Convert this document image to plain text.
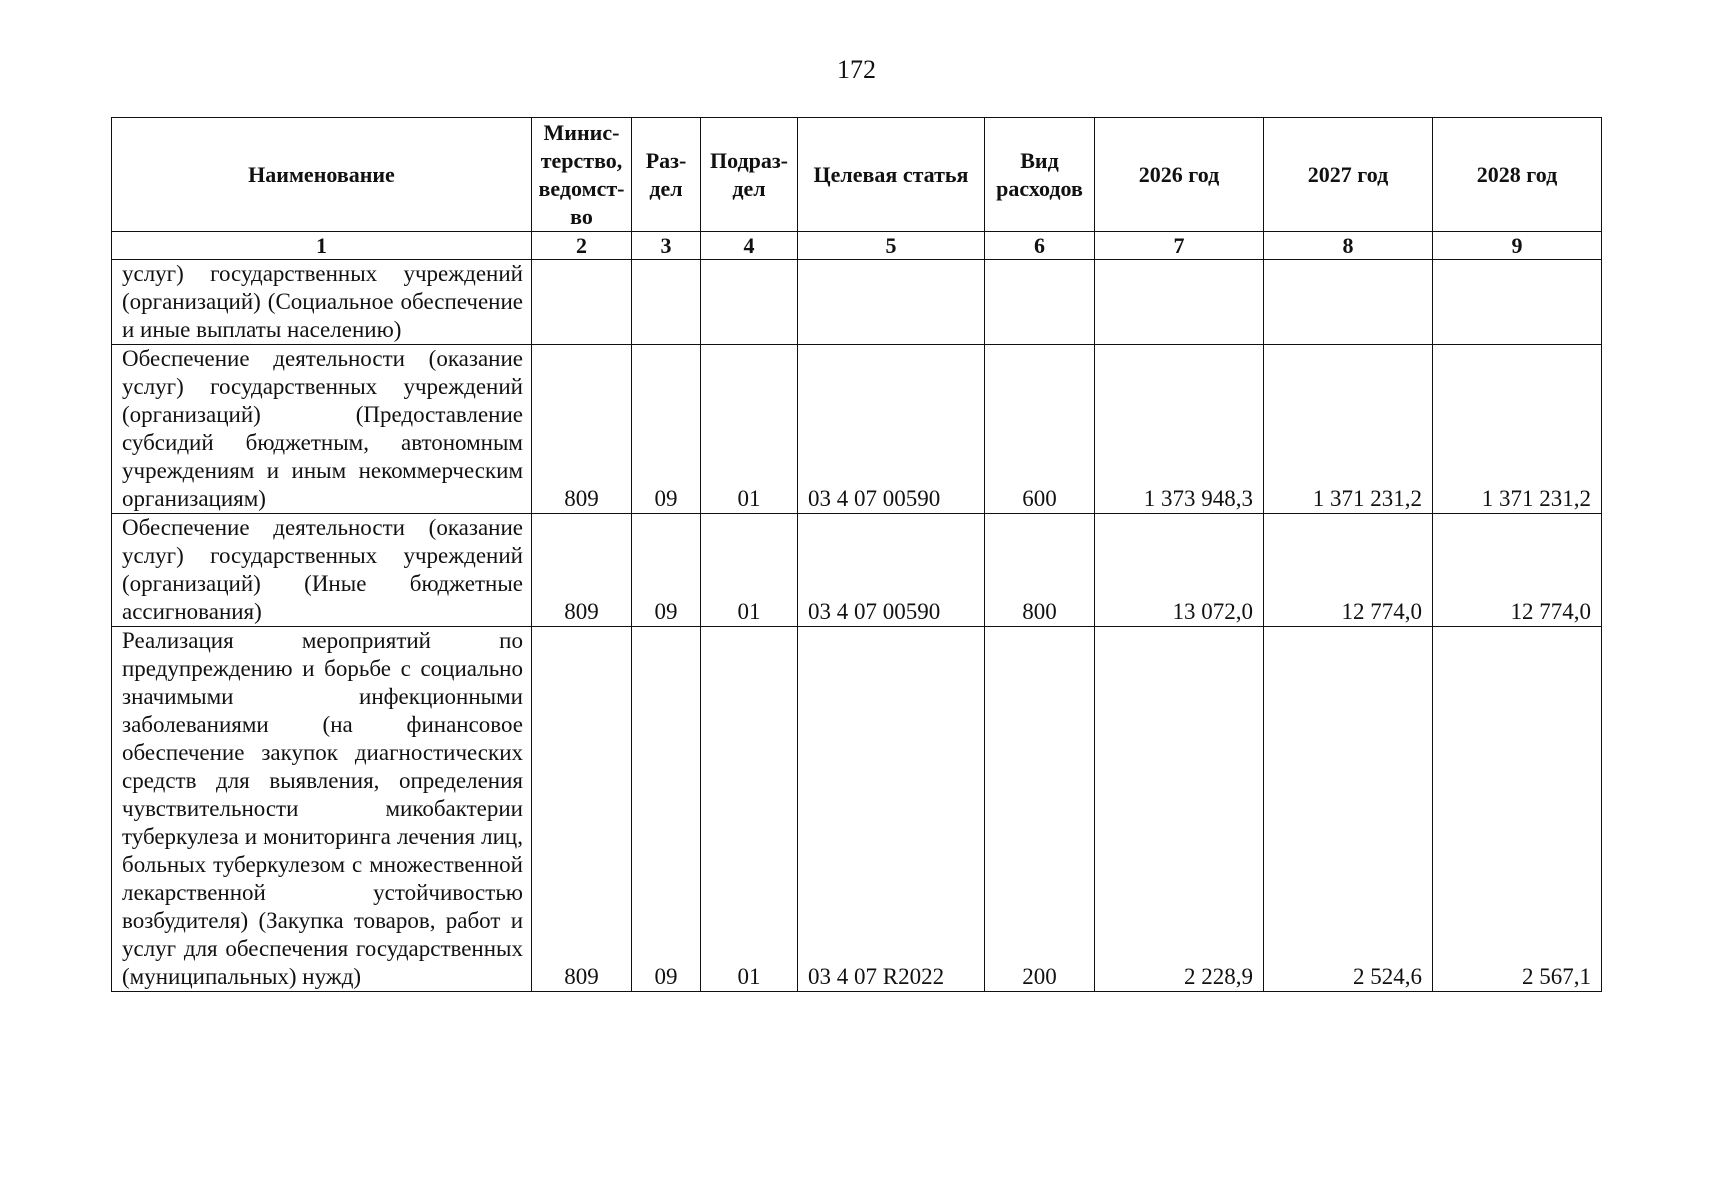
172
Наименование	Минис-терство, ведомст-во	Раз-дел	Подраз-дел	Целевая статья	Вид расходов	2026 год	2027 год	2028 год
1	2	3	4	5	6	7	8	9
услуг) государственных учреждений (организаций) (Социальное обеспечение и иные выплаты населению)								
Обеспечение деятельности (оказание услуг) государственных учреждений (организаций) (Предоставление субсидий бюджетным, автономным учреждениям и иным некоммерческим организациям)	809	09	01	03 4 07 00590	600	1 373 948,3	1 371 231,2	1 371 231,2
Обеспечение деятельности (оказание услуг) государственных учреждений (организаций) (Иные бюджетные ассигнования)	809	09	01	03 4 07 00590	800	13 072,0	12 774,0	12 774,0
Реализация мероприятий по предупреждению и борьбе с социально значимыми инфекционными заболеваниями (на финансовое обеспечение закупок диагностических средств для выявления, определения чувствительности микобактерии туберкулеза и мониторинга лечения лиц, больных туберкулезом с множественной лекарственной устойчивостью возбудителя) (Закупка товаров, работ и услуг для обеспечения государственных (муниципальных) нужд)	809	09	01	03 4 07 R2022	200	2 228,9	2 524,6	2 567,1
